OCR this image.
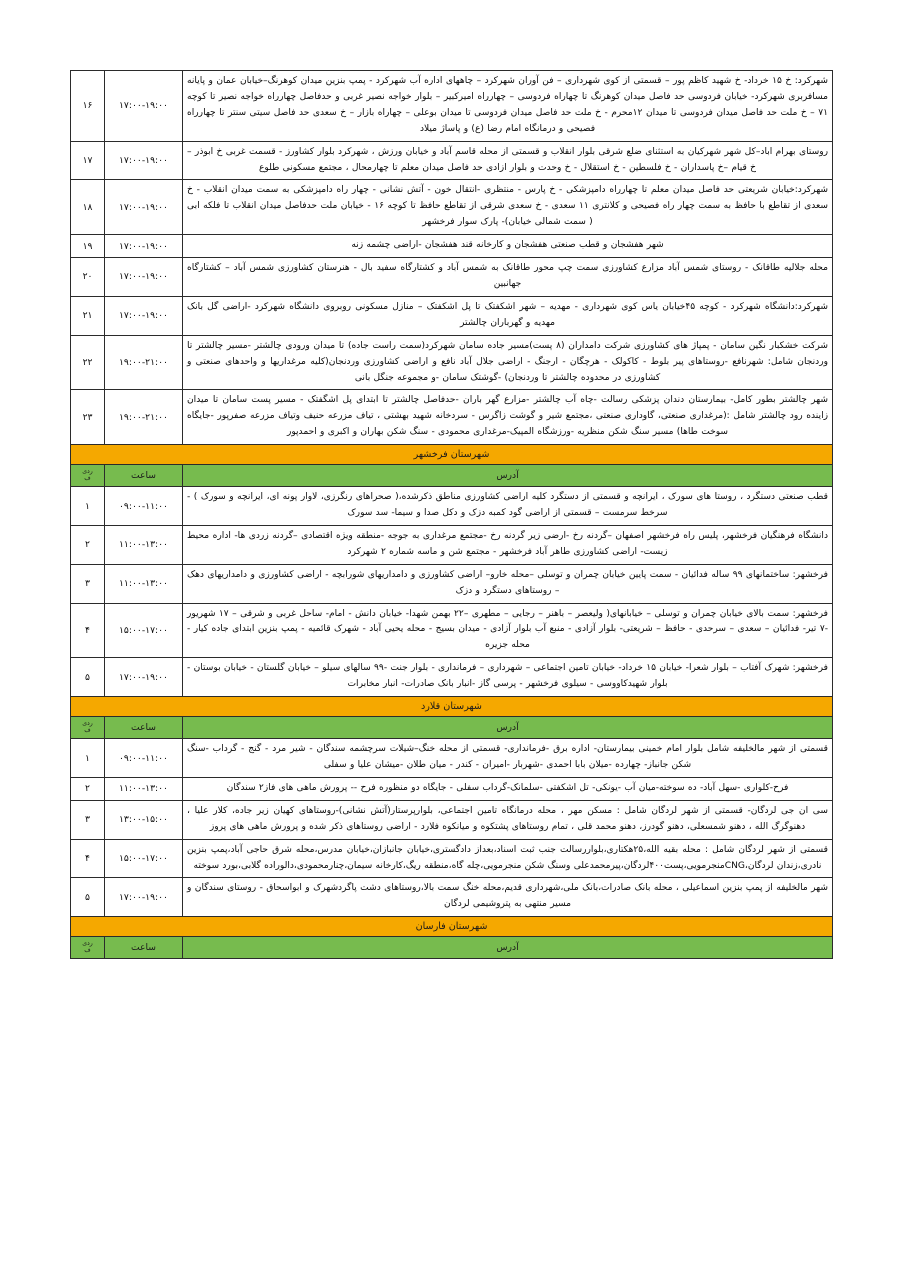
شهرکرد: خ ۱۵ خرداد- خ شهید کاظم پور – قسمتی از کوی شهرداری – فن آوران شهرکرد – چاههای اداره آب شهرکرد - پمپ بنزین میدان کوهرنگ–خیابان عمان و پایانه مسافربری شهرکرد- خیابان فردوسی حد فاصل میدان کوهرنگ تا چهاراه فردوسی – چهارراه امیرکبیر – بلوار خواجه نصیر غربی و حدفاصل چهارراه خواجه نصیر تا کوچه ۷۱ – خ ملت حد فاصل میدان فردوسی تا میدان ۱۲محرم - خ ملت حد فاصل میدان فردوسی تا میدان بوعلی – چهاراه بازار – خ سعدی حد فاصل سیتی سنتر تا چهارراه فصیحی و درمانگاه امام رضا (ع) و پاساژ میلاد	۱۷:۰۰-۱۹:۰۰	۱۶
روستای بهرام اباد–کل شهر شهرکیان به استثنای ضلع شرقی بلوار انقلاب و قسمتی از محله قاسم آباد و خیابان ورزش ، شهرکرد بلوار کشاورز - قسمت غربی خ ابوذر –خ قیام –خ پاسداران - خ فلسطین - خ استقلال - خ وحدت و بلوار ازادی حد فاصل میدان معلم تا چهارمحال ، مجتمع مسکونی طلوع	۱۷:۰۰-۱۹:۰۰	۱۷
شهرکرد:خیابان شریعتی حد فاصل میدان معلم تا چهارراه دامپزشکی - خ پارس - منتظری -انتقال خون - آتش نشانی - چهار راه دامپزشکی به سمت میدان انقلاب - خ سعدی از تقاطع با حافظ به سمت چهار راه فصیحی و کلانتری ۱۱ سعدی - خ سعدی شرقی از تقاطع حافظ تا کوچه ۱۶ - خیابان ملت حدفاصل میدان انقلاب تا فلکه ابی ( سمت شمالی خیابان)- پارک سوار فرخشهر	۱۷:۰۰-۱۹:۰۰	۱۸
شهر هفشجان و قطب صنعتی هفشجان و کارخانه قند هفشجان -اراضی چشمه زنه	۱۷:۰۰-۱۹:۰۰	۱۹
محله جلالیه طاقانک - روستای شمس آباد مزارع کشاورزی سمت چپ محور طاقانک به شمس آباد و کشتارگاه سفید بال - هنرستان کشاورزی شمس آباد – کشتارگاه جهانبین	۱۷:۰۰-۱۹:۰۰	۲۰
شهرکرد:دانشگاه شهرکرد - کوچه ۴۵خیابان یاس کوی شهرداری - مهدیه – شهر اشکفتک تا پل اشکفتک – منازل مسکونی روبروی دانشگاه شهرکرد -اراضی گل بانک مهدیه و گهرباران چالشتر	۱۷:۰۰-۱۹:۰۰	۲۱
شرکت خشکبار نگین سامان - پمپاژ های کشاورزی شرکت دامداران (۸ پست)مسیر جاده سامان شهرکرد(سمت راست جاده) تا میدان ورودی چالشتر -مسیر چالشتر تا وردنجان شامل: شهرنافع -روستاهای پیر بلوط - کاکولک - هرچگان - ارجنگ - اراضی جلال آباد نافع و اراضی کشاورزی وردنجان(کلیه مرغداریها و واحدهای صنعتی و کشاورزی در محدوده چالشتر تا وردنجان) -گوشتک سامان -و مجموعه جنگل بانی	۱۹:۰۰-۲۱:۰۰	۲۲
شهر چالشتر بطور کامل- بیمارستان دندان پزشکی رسالت -چاه آب چالشتر -مزارع گهر باران -حدفاصل چالشتر تا ابتدای پل اشگفتک - مسیر پست سامان تا میدان زاینده رود چالشتر شامل :(مرغداری صنعتی، گاوداری صنعتی ،مجتمع شیر و گوشت زاگرس - سردخانه شهید بهشتی ، تیاف مزرعه حنیف وتیاف مزرعه صفرپور -جایگاه سوخت طاها) مسیر سنگ شکن منظریه -ورزشگاه المپیک-مرغداری محمودی - سنگ شکن بهاران و اکبری و احمدپور	۱۹:۰۰-۲۱:۰۰	۲۳
شهرستان فرخشهر		
آدرس	ساعت	ردی
ف

قطب صنعتی دستگرد ، روستا های سورک ، ایرانچه و قسمتی از دستگرد کلیه اراضی کشاورزی مناطق ذکرشده،( صحراهای رنگرزی، لاوار پونه ای، ایرانچه و سورک ) - سرخط سرمست – قسمتی از اراضی گود کمبه دزک و دکل صدا و سیما- سد سورک	۰۹:۰۰-۱۱:۰۰	۱
دانشگاه فرهنگیان فرخشهر، پلیس راه فرخشهر اصفهان –گردنه رخ -ارضی زیر گردنه رخ -مجتمع مرغداری به جوجه -منطقه ویژه اقتصادی –گردنه زردی ها- اداره محیط زیست- اراضی کشاورزی طاهر آباد فرخشهر - مجتمع شن و ماسه شماره ۲ شهرکرد	۱۱:۰۰-۱۳:۰۰	۲
فرخشهر: ساختمانهای ۹۹ ساله فدائیان - سمت پایین خیابان چمران و توسلی –محله خارو– اراضی کشاورزی و دامداریهای شورابچه - اراضی کشاورزی و دامداریهای دهک – روستاهای دستگرد و دزک	۱۱:۰۰-۱۳:۰۰	۳
فرخشهر: سمت بالای خیابان چمران و توسلی – خیابانهای( ولیعصر – باهنر – رجایی – مطهری –۲۲ بهمن شهدا- خیابان دانش - امام- ساحل غربی و شرقی – ۱۷ شهریور -۷ تیر- فدائیان – سعدی – سرحدی - حافظ – شریعتی- بلوار آزادی - منبع آب بلوار آزادی - میدان بسیج - محله یحیی آباد - شهرک قائمیه - پمپ بنزین ابتدای جاده کیار - محله جزیره	۱۵:۰۰-۱۷:۰۰	۴
فرخشهر: شهرک آفتاب – بلوار شعرا- خیابان ۱۵ خرداد- خیابان تامین اجتماعی – شهرداری – فرمانداری - بلوار جنت -۹۹ سالهای سیلو – خیابان گلستان - خیابان بوستان - بلوار شهیدکاووسی - سیلوی فرخشهر - پرسی گاز -انبار بانک صادرات- انبار مخابرات	۱۷:۰۰-۱۹:۰۰	۵
شهرستان قلارد		
آدرس	ساعت	ردی
ف

قسمتی از شهر مالخلیفه شامل بلوار امام خمینی بیمارستان- اداره برق -فرمانداری- قسمتی از محله خنگ–شیلات سرچشمه سندگان - شیر مرد - گنج - گرداب -سنگ شکن جانباز- چهارده -میلان بابا احمدی -شهربار -امیران - کندر - میان طلان -میشان علیا و سفلی	۰۹:۰۰-۱۱:۰۰	۱
فرح-کلواری -سهل آباد- ده سوخته-میان آب -یونکی- تل اشکفتی -سلمانک-گرداب سفلی - جایگاه دو منظوره فرح -- پرورش ماهی های فاز۲ سندگان	۱۱:۰۰-۱۳:۰۰	۲
سی ان جی لردگان- قسمتی از شهر لردگان شامل : مسکن مهر ، محله درمانگاه تامین اجتماعی، بلوارپرستار(آتش نشانی)-روستاهای کهیان زیر جاده، کلار علیا ، دهنوگرگ الله ، دهنو شمسعلی، دهنو گودرز، دهنو محمد قلی ، تمام روستاهای پشتکوه و میانکوه فلارد - اراضی روستاهای ذکر شده و پرورش ماهی های پروز	۱۳:۰۰-۱۵:۰۰	۳
قسمتی از شهر لردگان شامل : محله بقیه الله،۲۵هکتاری،بلواررسالت جنب ثبت اسناد،بعداز دادگستری،خیابان جانبازان،خیابان مدرس،محله شرق حاجی آباد،پمپ بنزین نادری،زندان لردگان،CNGمنجرمویی،پست۴۰۰لردگان،پیرمحمدعلی وسنگ شکن منجرمویی،چله گاه،منطقه ریگ،کارخانه سیمان،چنارمحمودی،دالوراده گلابی،بورد سوخته	۱۵:۰۰-۱۷:۰۰	۴
شهر مالخلیفه از پمپ بنزین اسماعیلی ، محله بانک صادرات،بانک ملی،شهرداری قدیم،محله خنگ سمت بالا،روستاهای دشت پاگردشهرک و ابواسحاق - روستای سندگان و مسیر منتهی به پتروشیمی لردگان	۱۷:۰۰-۱۹:۰۰	۵
شهرستان فارسان		
آدرس	ساعت	ردی
ف
